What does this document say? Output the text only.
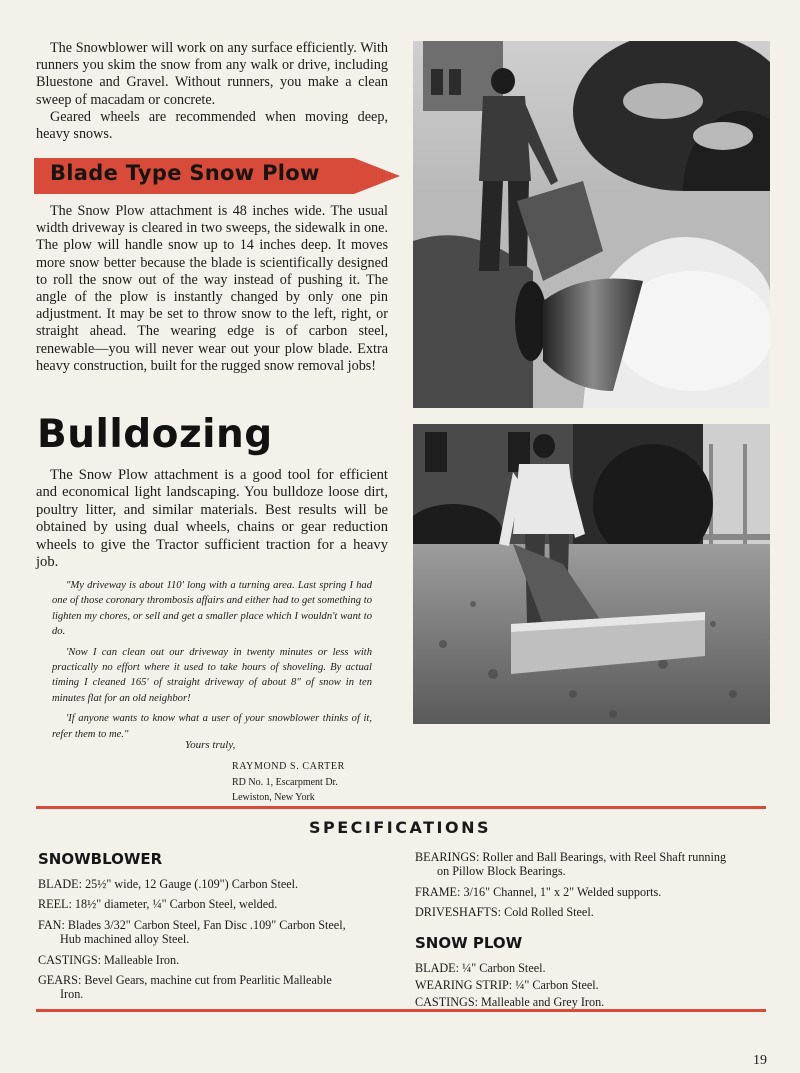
The Snowblower will work on any surface efficiently. With runners you skim the snow from any walk or drive, including Bluestone and Gravel. Without runners, you make a clean sweep of macadam or concrete.

Geared wheels are recommended when moving deep, heavy snows.

Blade Type Snow Plow

The Snow Plow attachment is 48 inches wide. The usual width driveway is cleared in two sweeps, the sidewalk in one. The plow will handle snow up to 14 inches deep. It moves more snow better because the blade is scientifically designed to roll the snow out of the way instead of pushing it. The angle of the plow is instantly changed by only one pin adjustment. It may be set to throw snow to the left, right, or straight ahead. The wearing edge is of carbon steel, renewable—you will never wear out your plow blade. Extra heavy construction, built for the rugged snow removal jobs!

Bulldozing

The Snow Plow attachment is a good tool for efficient and economical light landscaping. You bulldoze loose dirt, poultry litter, and similar materials. Best results will be obtained by using dual wheels, chains or gear reduction wheels to give the Tractor sufficient traction for a heavy job.

"My driveway is about 110' long with a turning area. Last spring I had one of those coronary thrombosis affairs and either had to get something to lighten my chores, or sell and get a smaller place which I wouldn't want to do.

'Now I can clean out our driveway in twenty minutes or less with practically no effort where it used to take hours of shoveling. By actual timing I cleaned 165' of straight driveway of about 8" of snow in ten minutes flat for an old neighbor!

'If anyone wants to know what a user of your snowblower thinks of it, refer them to me."

Yours truly,
RAYMOND S. CARTER
RD No. 1, Escarpment Dr.
Lewiston, New York
SPECIFICATIONS
SNOWBLOWER

BLADE: 25½" wide, 12 Gauge (.109") Carbon Steel.

REEL: 18½" diameter, ¼" Carbon Steel, welded.

FAN: Blades 3/32" Carbon Steel, Fan Disc .109" Carbon Steel,

Hub machined alloy Steel.

CASTINGS: Malleable Iron.

GEARS: Bevel Gears, machine cut from Pearlitic Malleable

Iron.

BEARINGS: Roller and Ball Bearings, with Reel Shaft running

on Pillow Block Bearings.

FRAME: 3/16" Channel, 1" x 2" Welded supports.

DRIVESHAFTS: Cold Rolled Steel.

SNOW PLOW

BLADE: ¼" Carbon Steel.

WEARING STRIP: ¼" Carbon Steel.

CASTINGS: Malleable and Grey Iron.

19
